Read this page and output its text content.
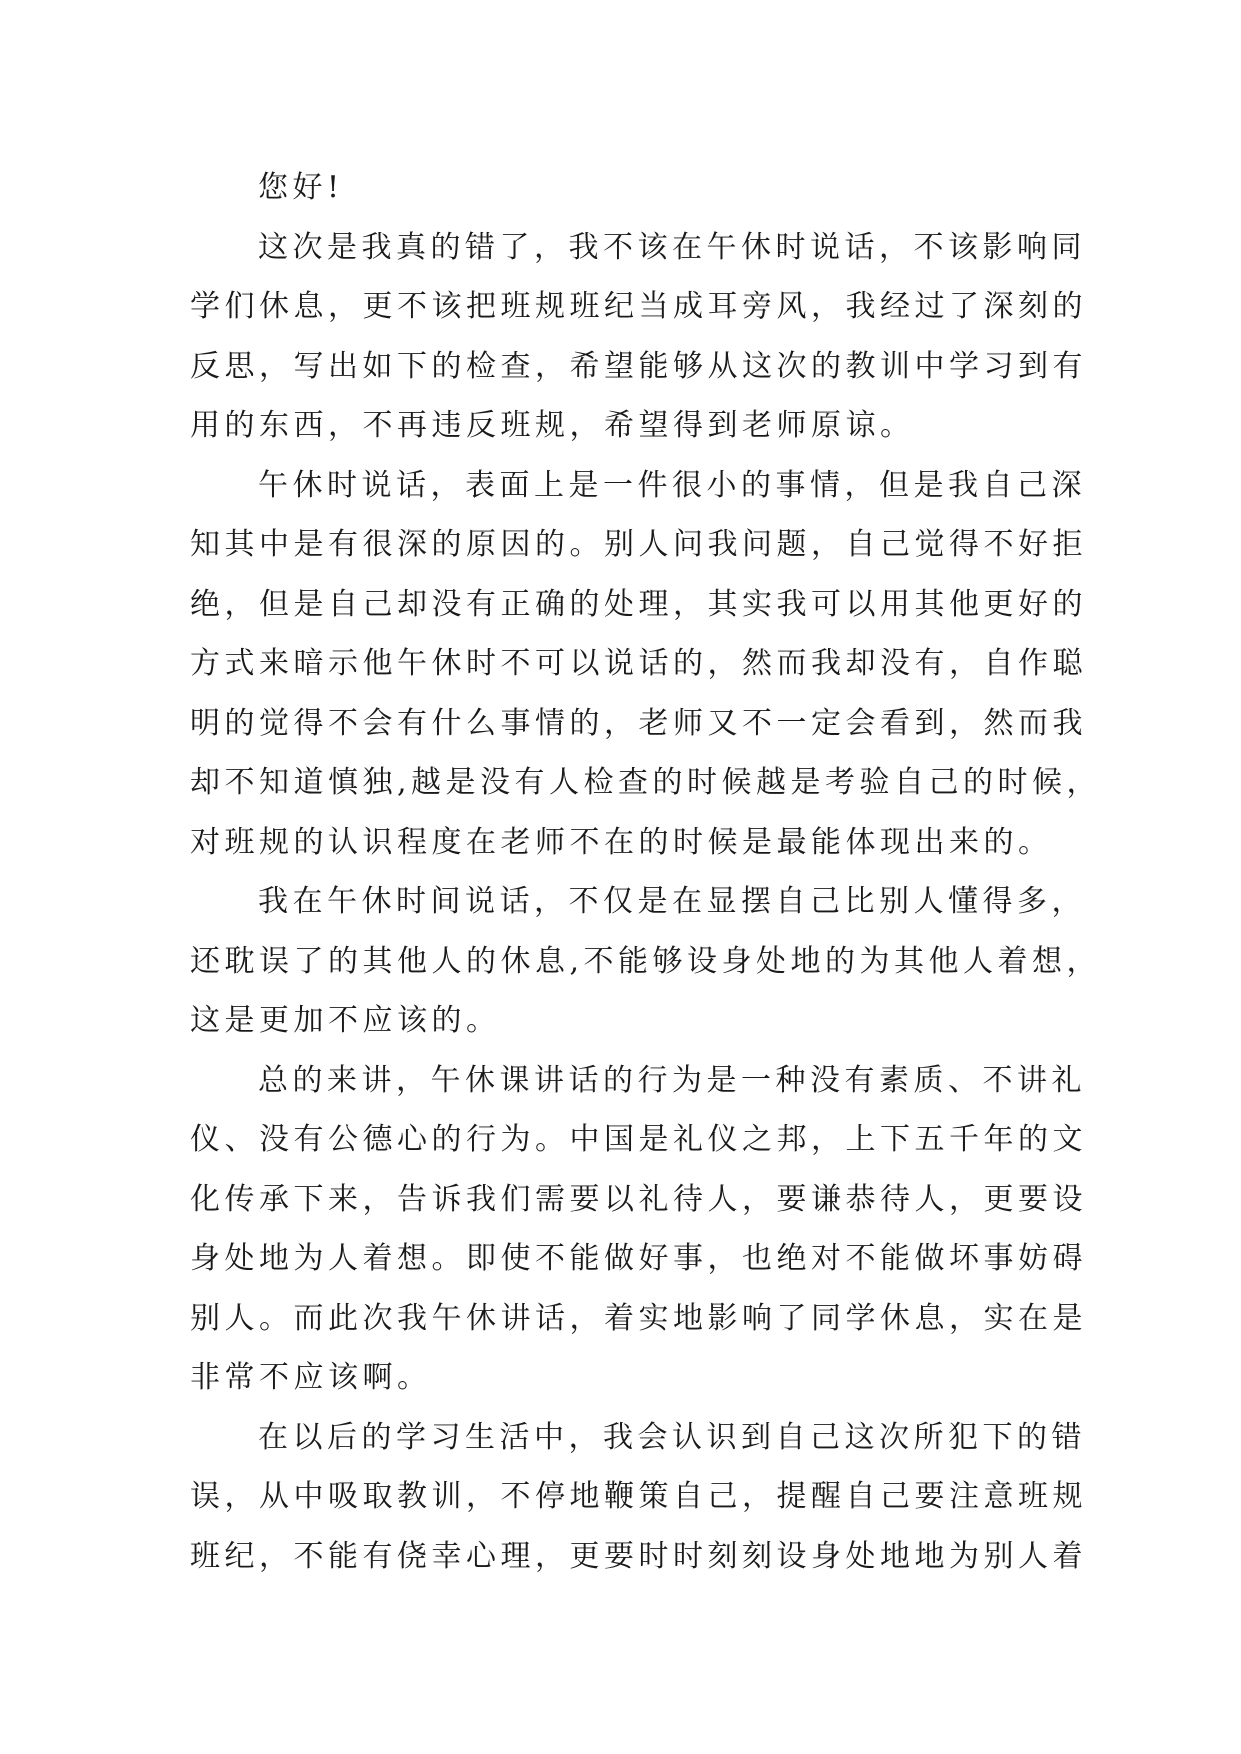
您好!
这次是我真的错了，我不该在午休时说话，不该影响同
学们休息，更不该把班规班纪当成耳旁风，我经过了深刻的
反思，写出如下的检查，希望能够从这次的教训中学习到有
用的东西，不再违反班规，希望得到老师原谅。
午休时说话，表面上是一件很小的事情，但是我自己深
知其中是有很深的原因的。别人问我问题，自己觉得不好拒
绝，但是自己却没有正确的处理，其实我可以用其他更好的
方式来暗示他午休时不可以说话的，然而我却没有，自作聪
明的觉得不会有什么事情的，老师又不一定会看到，然而我
却不知道慎独,越是没有人检查的时候越是考验自己的时候，
对班规的认识程度在老师不在的时候是最能体现出来的。
我在午休时间说话，不仅是在显摆自己比别人懂得多，
还耽误了的其他人的休息,不能够设身处地的为其他人着想，
这是更加不应该的。
总的来讲，午休课讲话的行为是一种没有素质、不讲礼
仪、没有公德心的行为。中国是礼仪之邦，上下五千年的文
化传承下来，告诉我们需要以礼待人，要谦恭待人，更要设
身处地为人着想。即使不能做好事，也绝对不能做坏事妨碍
别人。而此次我午休讲话，着实地影响了同学休息，实在是
非常不应该啊。
在以后的学习生活中，我会认识到自己这次所犯下的错
误，从中吸取教训，不停地鞭策自己，提醒自己要注意班规
班纪，不能有侥幸心理，更要时时刻刻设身处地地为别人着
